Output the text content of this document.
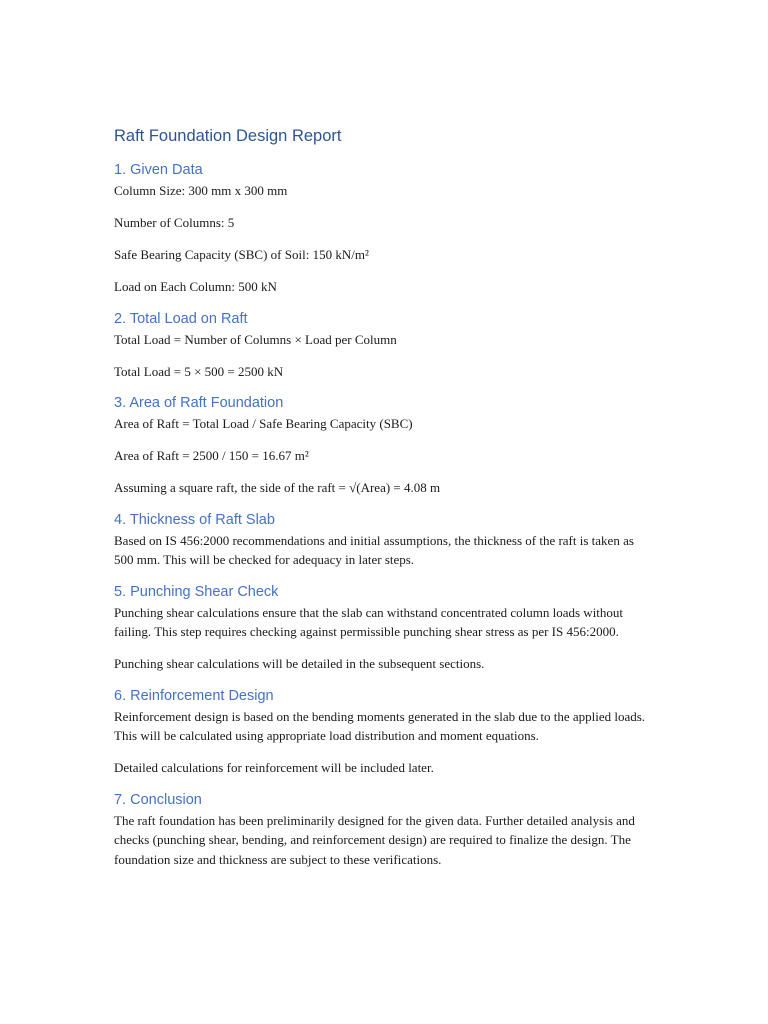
Raft Foundation Design Report
1. Given Data

Column Size: 300 mm x 300 mm

Number of Columns: 5

Safe Bearing Capacity (SBC) of Soil: 150 kN/m²

Load on Each Column: 500 kN

2. Total Load on Raft

Total Load = Number of Columns × Load per Column

Total Load = 5 × 500 = 2500 kN

3. Area of Raft Foundation

Area of Raft = Total Load / Safe Bearing Capacity (SBC)

Area of Raft = 2500 / 150 = 16.67 m²

Assuming a square raft, the side of the raft = √(Area) = 4.08 m

4. Thickness of Raft Slab

Based on IS 456:2000 recommendations and initial assumptions, the thickness of the raft is taken as 500 mm. This will be checked for adequacy in later steps.

5. Punching Shear Check

Punching shear calculations ensure that the slab can withstand concentrated column loads without failing. This step requires checking against permissible punching shear stress as per IS 456:2000.

Punching shear calculations will be detailed in the subsequent sections.

6. Reinforcement Design

Reinforcement design is based on the bending moments generated in the slab due to the applied loads. This will be calculated using appropriate load distribution and moment equations.

Detailed calculations for reinforcement will be included later.

7. Conclusion

The raft foundation has been preliminarily designed for the given data. Further detailed analysis and checks (punching shear, bending, and reinforcement design) are required to finalize the design. The foundation size and thickness are subject to these verifications.
